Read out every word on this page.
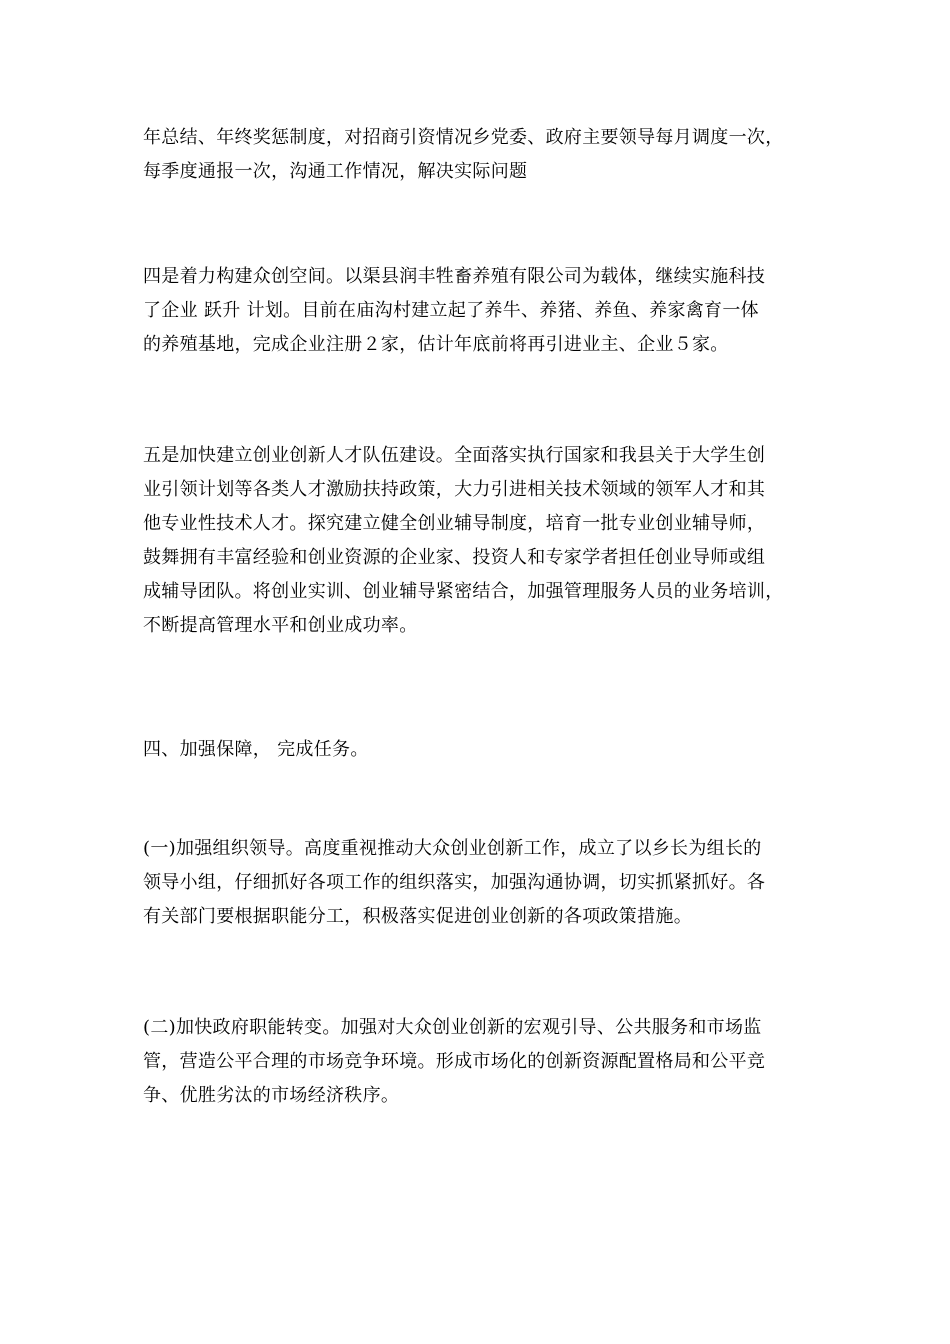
年总结、年终奖惩制度，对招商引资情况乡党委、政府主要领导每月调度一次，
每季度通报一次，沟通工作情况，解决实际问题
四是着力构建众创空间。以渠县润丰牲畜养殖有限公司为载体，继续实施科技
了企业 跃升 计划。目前在庙沟村建立起了养牛、养猪、养鱼、养家禽育一体
的养殖基地，完成企业注册２家，估计年底前将再引进业主、企业５家。
五是加快建立创业创新人才队伍建设。全面落实执行国家和我县关于大学生创
业引领计划等各类人才激励扶持政策，大力引进相关技术领域的领军人才和其
他专业性技术人才。探究建立健全创业辅导制度，培育一批专业创业辅导师，
鼓舞拥有丰富经验和创业资源的企业家、投资人和专家学者担任创业导师或组
成辅导团队。将创业实训、创业辅导紧密结合，加强管理服务人员的业务培训，
不断提高管理水平和创业成功率。
四、加强保障， 完成任务。
(一)加强组织领导。高度重视推动大众创业创新工作，成立了以乡长为组长的
领导小组，仔细抓好各项工作的组织落实，加强沟通协调，切实抓紧抓好。各
有关部门要根据职能分工，积极落实促进创业创新的各项政策措施。
(二)加快政府职能转变。加强对大众创业创新的宏观引导、公共服务和市场监
管，营造公平合理的市场竞争环境。形成市场化的创新资源配置格局和公平竞
争、优胜劣汰的市场经济秩序。
